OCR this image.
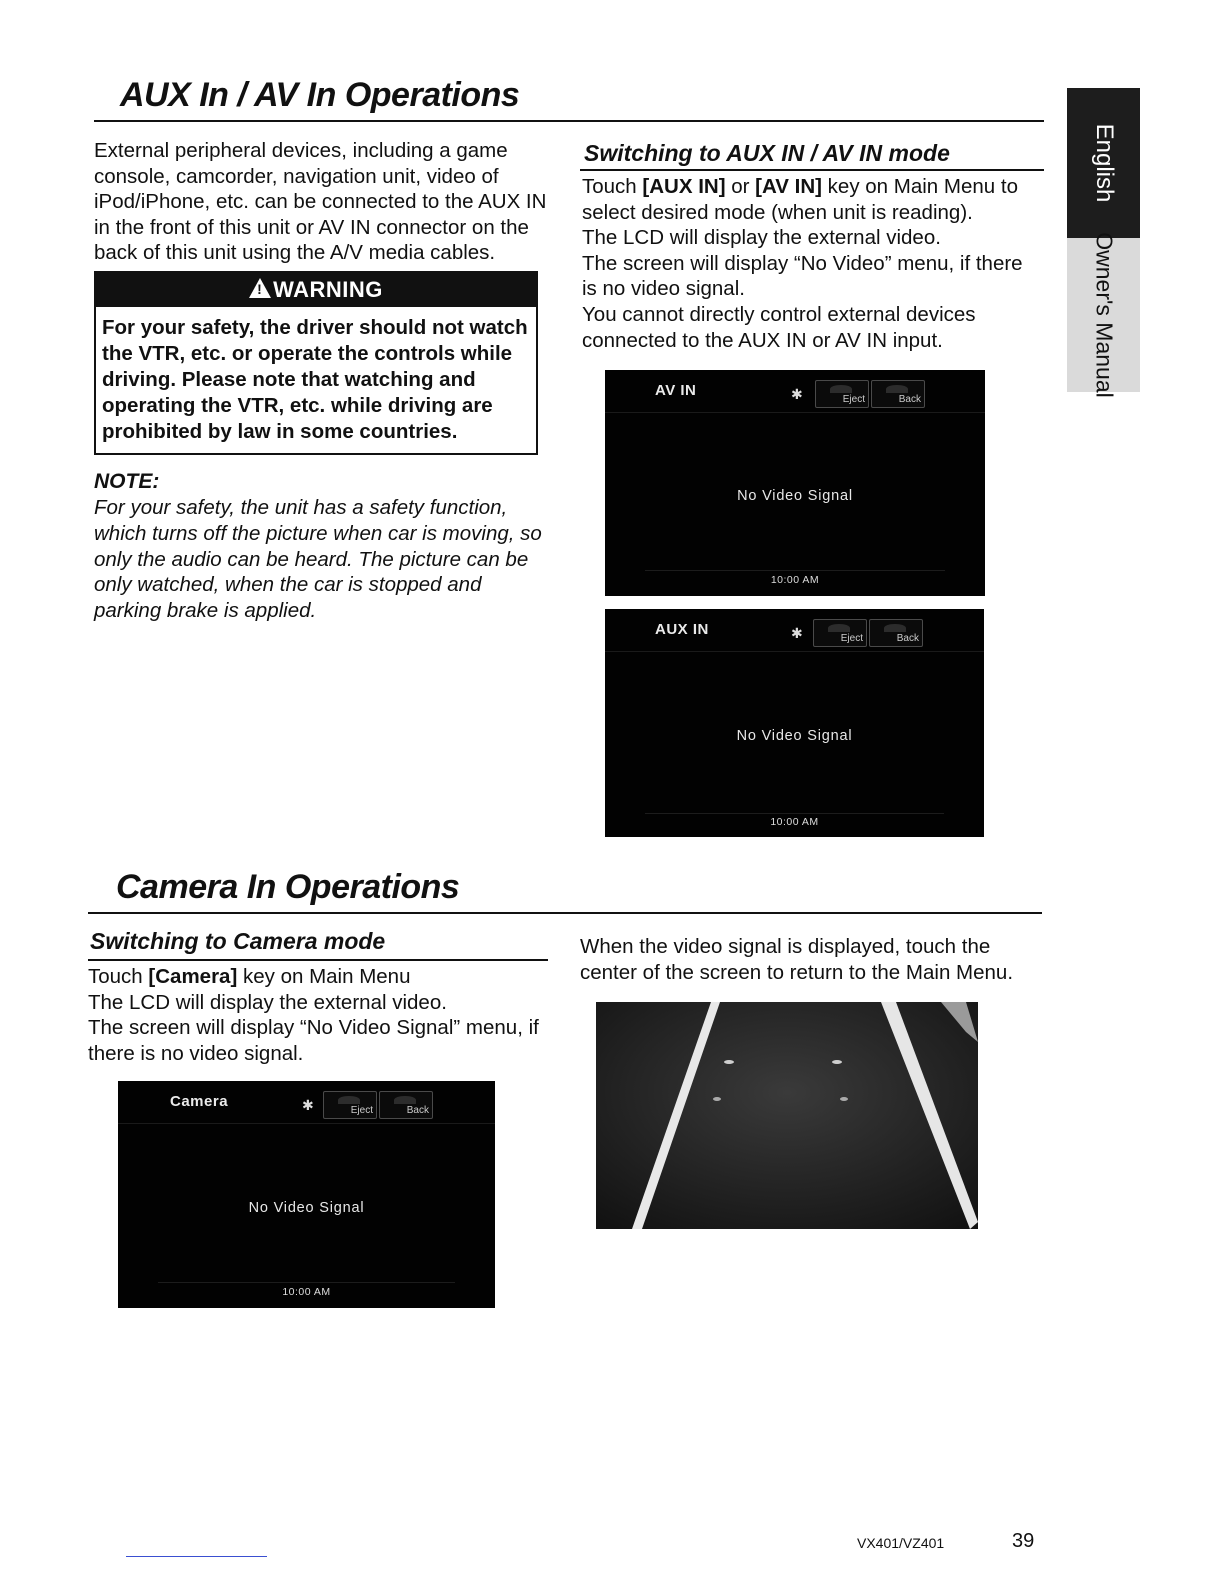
AUX In / AV In Operations
External peripheral devices, including a game console, camcorder, navigation unit, video of iPod/iPhone, etc. can be connected to the AUX IN in the front of this unit or AV IN connector on the back of this unit using the A/V media cables.
!WARNING
For your safety, the driver should not watch the VTR, etc. or operate the controls while driving. Please note that watching and operating the VTR, etc. while driving are prohibited by law in some countries.
NOTE:
For your safety, the unit has a safety function, which turns off the picture when car is moving, so only the audio can be heard. The picture can be only watched, when the car is stopped and parking brake is applied.
Switching to AUX IN / AV IN mode

Touch [AUX IN] or [AV IN] key on Main Menu to select desired mode (when unit is reading).

The LCD will display the external video.

The screen will display “No Video” menu, if there is no video signal.

You cannot directly control external devices connected to the AUX IN or AV IN input.

AV IN	✱	Eject	Back
No Video Signal
10:00 AM
AUX IN	✱	Eject	Back
No Video Signal
10:00 AM
Camera In Operations
Switching to Camera mode

Touch [Camera] key on Main Menu

The LCD will display the external video.

The screen will display “No Video Signal” menu, if there is no video signal.

When the video signal is displayed, touch the center of the screen to return to the Main Menu.
Camera	✱	Eject	Back
No Video Signal
10:00 AM
English
Owner's Manual
VX401/VZ401	39
